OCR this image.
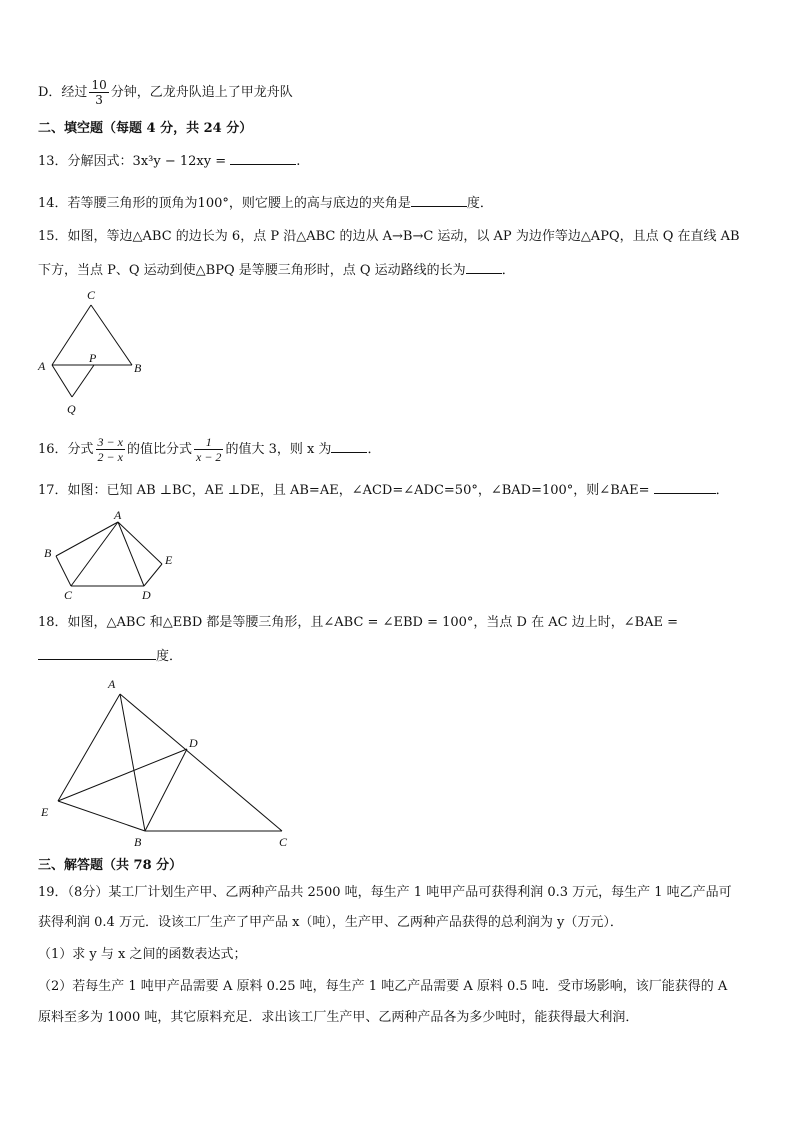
D．经过 $\frac{10}{3}$ 分钟，乙龙舟队追上了甲龙舟队
二、填空题（每题 4 分，共 24 分）
13．分解因式：3x³y − 12xy =	.
14．若等腰三角形的顶角为100°，则它腰上的高与底边的夹角是	度．
15．如图，等边△ABC 的边长为 6，点 P 沿△ABC 的边从 A→B→C 运动，以 AP 为边作等边△APQ，且点 Q 在直线 AB
下方，当点 P、Q 运动到使△BPQ 是等腰三角形时，点 Q 运动路线的长为	．
C
A
P
B
Q
16．分式 $\frac{3 - x}{2 - x}$ 的值比分式 $\frac{1}{x - 2}$ 的值大 3，则 x 为	．
17．如图：已知 AB ⊥BC，AE ⊥DE，且 AB=AE，∠ACD=∠ADC=50°，∠BAD=100°，则∠BAE=	．
A
B
C	D
E
18．如图，△ABC 和△EBD 都是等腰三角形，且∠ABC = ∠EBD = 100°，当点 D 在 AC 边上时，∠BAE =
度．
A
D
E
B	C
三、解答题（共 78 分）
19．（8分）某工厂计划生产甲、乙两种产品共 2500 吨，每生产 1 吨甲产品可获得利润 0.3 万元，每生产 1 吨乙产品可
获得利润 0.4 万元．设该工厂生产了甲产品 x（吨），生产甲、乙两种产品获得的总利润为 y（万元）．
（1）求 y 与 x 之间的函数表达式；
（2）若每生产 1 吨甲产品需要 A 原料 0.25 吨，每生产 1 吨乙产品需要 A 原料 0.5 吨．受市场影响，该厂能获得的 A
原料至多为 1000 吨，其它原料充足．求出该工厂生产甲、乙两种产品各为多少吨时，能获得最大利润．
